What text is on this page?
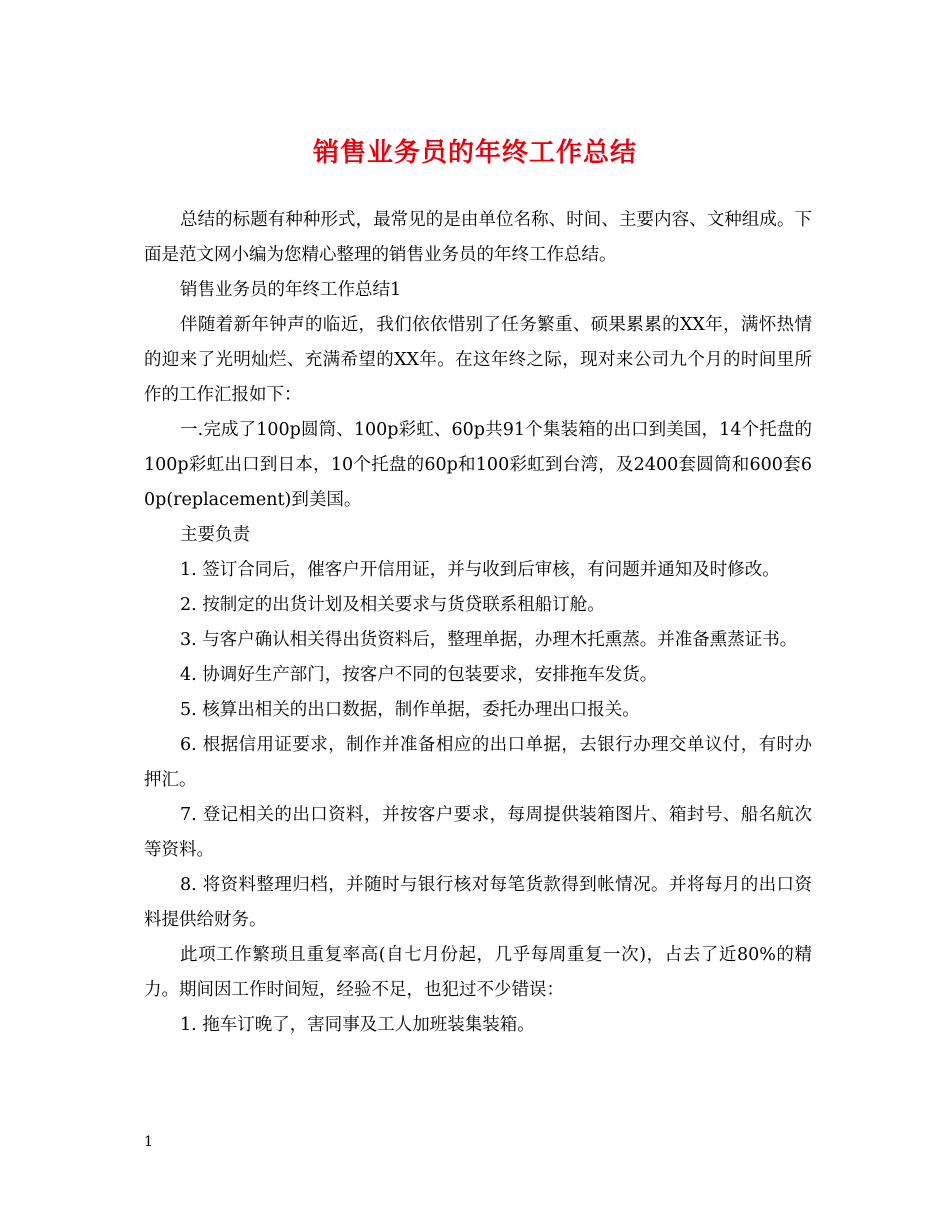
销售业务员的年终工作总结

总结的标题有种种形式，最常见的是由单位名称、时间、主要内容、文种组成。下面是范文网小编为您精心整理的销售业务员的年终工作总结。

销售业务员的年终工作总结1

伴随着新年钟声的临近，我们依依惜别了任务繁重、硕果累累的XX年，满怀热情的迎来了光明灿烂、充满希望的XX年。在这年终之际，现对来公司九个月的时间里所作的工作汇报如下：

一.完成了100p圆筒、100p彩虹、60p共91个集装箱的出口到美国，14个托盘的100p彩虹出口到日本，10个托盘的60p和100彩虹到台湾，及2400套圆筒和600套60p(replacement)到美国。

主要负责

1. 签订合同后，催客户开信用证，并与收到后审核，有问题并通知及时修改。

2. 按制定的出货计划及相关要求与货贷联系租船订舱。

3. 与客户确认相关得出货资料后，整理单据，办理木托熏蒸。并准备熏蒸证书。

4. 协调好生产部门，按客户不同的包装要求，安排拖车发货。

5. 核算出相关的出口数据，制作单据，委托办理出口报关。

6. 根据信用证要求，制作并准备相应的出口单据，去银行办理交单议付，有时办押汇。

7. 登记相关的出口资料，并按客户要求，每周提供装箱图片、箱封号、船名航次等资料。

8. 将资料整理归档，并随时与银行核对每笔货款得到帐情况。并将每月的出口资料提供给财务。

此项工作繁琐且重复率高(自七月份起，几乎每周重复一次)，占去了近80%的精力。期间因工作时间短，经验不足，也犯过不少错误：

1. 拖车订晚了，害同事及工人加班装集装箱。

1
